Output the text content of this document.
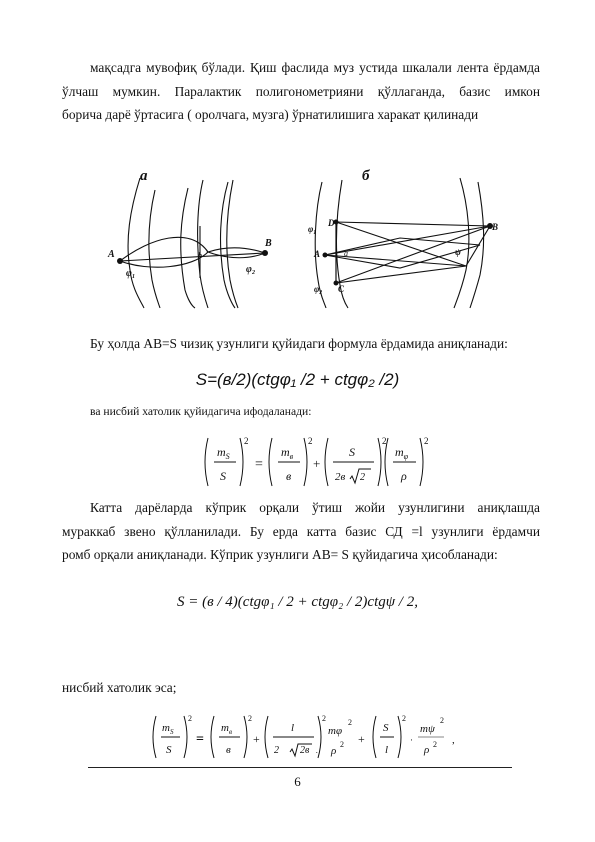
мақсадга мувофиқ бўлади. Қиш фаслида муз устида шкалали лента ёрдамда
ўлчаш мумкин. Паралактик полигонометрияни қўллаганда, базис имкон
борича дарё ўртасига ( оролчага, музга) ўрнатилишига харакат қилинади
а	б
A
B
φ₁	φ₂
b
D
φ₁
A
B
φ₂ C
ψ
a
Бу ҳолда АВ=S чизиқ узунлиги қуйидаги формула ёрдамида аниқланади:
S=(в/2)(ctgφ₁ /2 + ctgφ₂ /2)
ва нисбий хатолик қуйидагича ифодаланади:
$m_S$
S
2
=
$m_в$
в
2
+
S
2в 2
2
$m_\varphi$
ρ
2
Катта дарёларда кўприк орқали ўтиш жойи узунлигини аниқлашда
мураккаб звено қўлланилади. Бу ерда катта базис СД =l узунлиги ёрдамчи
ромб орқали аниқланади. Кўприк узунлиги АВ= S қуйидагича ҳисобланади:
S = (в / 4)(ctgφ₁ / 2 + ctgφ₂ / 2)ctgψ / 2,
нисбий хатолик эса;
$m_S$
S
2
=
$m_в$
в
2
+
l
2 2в .
2
mφ
2
ρ
2 +
S
l
2
·
mψ
2
ρ 2 ,
6
